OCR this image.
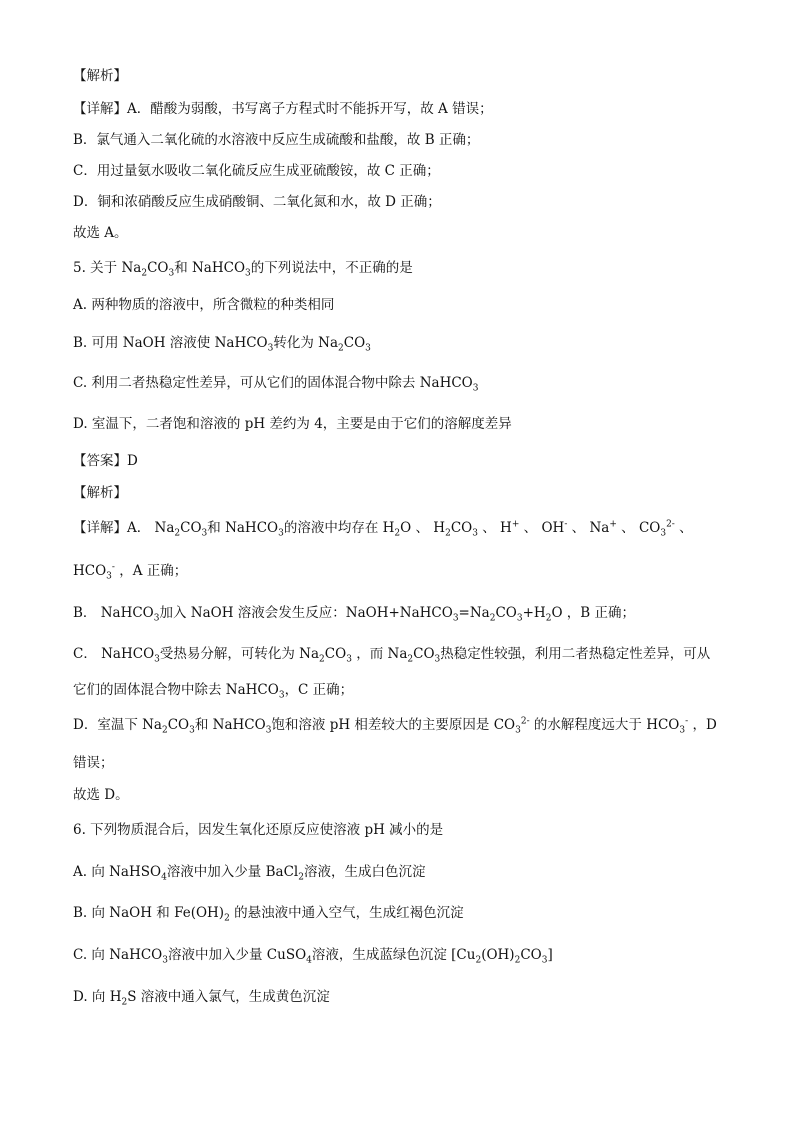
【解析】
【详解】A．醋酸为弱酸，书写离子方程式时不能拆开写，故 A 错误；
B．氯气通入二氧化硫的水溶液中反应生成硫酸和盐酸，故 B 正确；
C．用过量氨水吸收二氧化硫反应生成亚硫酸铵，故 C 正确；
D．铜和浓硝酸反应生成硝酸铜、二氧化氮和水，故 D 正确；
故选 A。
5. 关于 $Na_2CO_3$和 NaHCO$_3$的下列说法中，不正确的是
A. 两种物质的溶液中，所含微粒的种类相同
B. 可用 NaOH 溶液使 NaHCO$_3$转化为 $Na_2CO_3$
C. 利用二者热稳定性差异，可从它们的固体混合物中除去 NaHCO$_3$
D. 室温下，二者饱和溶液的 pH 差约为 4，主要是由于它们的溶解度差异
【答案】D
【解析】
【详解】A． $Na_2CO_3$和 NaHCO$_3$的溶液中均存在 $H_2O$ 、 $H_2CO_3$ 、 H+ 、 OH- 、 Na+ 、 $CO_3^{2-}$ 、
$HCO_3^-$ ，A 正确；
B． NaHCO$_3$加入 NaOH 溶液会发生反应：$NaOH+NaHCO_3=Na_2CO_3+H_2O$ ，B 正确；
C． NaHCO$_3$受热易分解，可转化为 $Na_2CO_3$ ，而 $Na_2CO_3$热稳定性较强，利用二者热稳定性差异，可从
它们的固体混合物中除去 NaHCO$_3$，C 正确；
D．室温下 $Na_2CO_3$和 NaHCO$_3$饱和溶液 pH 相差较大的主要原因是 $CO_3^{2-}$ 的水解程度远大于 $HCO_3^-$ ，D
错误；
故选 D。
6. 下列物质混合后，因发生氧化还原反应使溶液 pH 减小的是
A. 向 NaHSO$_4$溶液中加入少量 BaCl$_2$溶液，生成白色沉淀
B. 向 NaOH 和 $Fe(OH)_2$ 的悬浊液中通入空气，生成红褐色沉淀
C. 向 NaHCO$_3$溶液中加入少量 CuSO$_4$溶液，生成蓝绿色沉淀 $[Cu_2(OH)_2CO_3]$
D. 向 $H_2S$ 溶液中通入氯气，生成黄色沉淀
